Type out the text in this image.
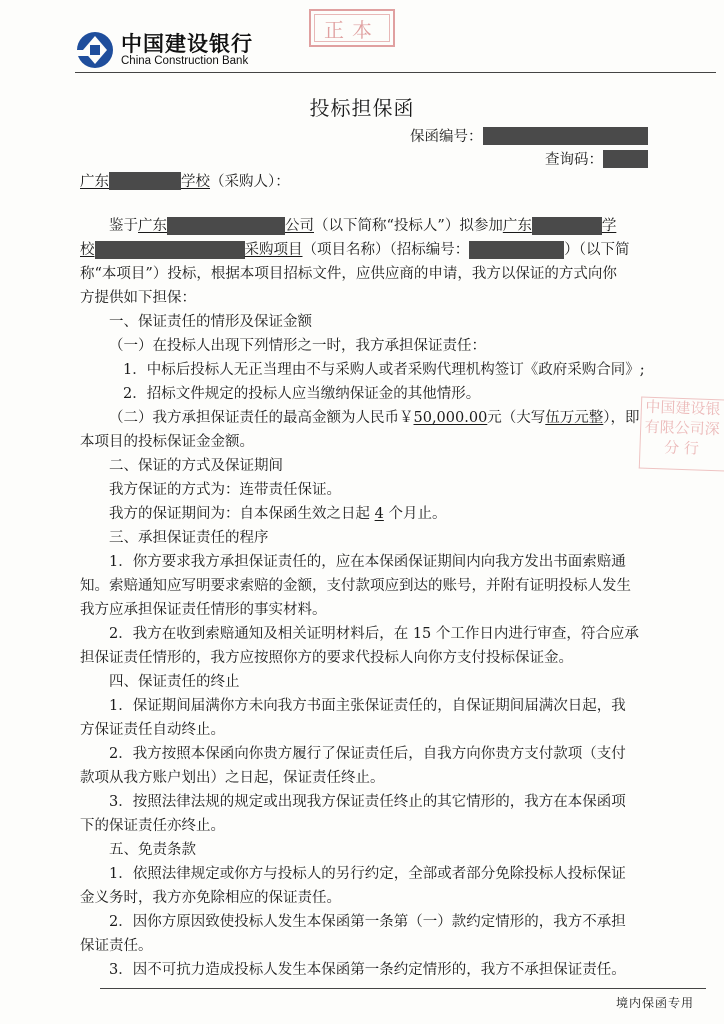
中国建设银行
China Construction Bank
正本
投标担保函
保函编号：
查询码：
广东	学校 （采购人）：
鉴于广东	公司（以下简称“投标人”）拟参加广东	学
校	采购项目（项目名称）（招标编号：	）（以下简
称“本项目”）投标，根据本项目招标文件，应供应商的申请，我方以保证的方式向你
方提供如下担保：
一、保证责任的情形及保证金额
（一）在投标人出现下列情形之一时，我方承担保证责任：
1．中标后投标人无正当理由不与采购人或者采购代理机构签订《政府采购合同》;
2．招标文件规定的投标人应当缴纳保证金的其他情形。
（二）我方承担保证责任的最高金额为人民币￥50,000.00元（大写伍万元整），即
本项目的投标保证金金额。
二、保证的方式及保证期间
我方保证的方式为：连带责任保证。
我方的保证期间为：自本保函生效之日起 4 个月止。
三、承担保证责任的程序
1．你方要求我方承担保证责任的，应在本保函保证期间内向我方发出书面索赔通
知。索赔通知应写明要求索赔的金额，支付款项应到达的账号，并附有证明投标人发生
我方应承担保证责任情形的事实材料。
2．我方在收到索赔通知及相关证明材料后，在 15 个工作日内进行审查，符合应承
担保证责任情形的，我方应按照你方的要求代投标人向你方支付投标保证金。
四、保证责任的终止
1．保证期间届满你方未向我方书面主张保证责任的，自保证期间届满次日起，我
方保证责任自动终止。
2．我方按照本保函向你贵方履行了保证责任后，自我方向你贵方支付款项（支付
款项从我方账户划出）之日起，保证责任终止。
3．按照法律法规的规定或出现我方保证责任终止的其它情形的，我方在本保函项
下的保证责任亦终止。
五、免责条款
1．依照法律规定或你方与投标人的另行约定，全部或者部分免除投标人投标保证
金义务时，我方亦免除相应的保证责任。
2．因你方原因致使投标人发生本保函第一条第（一）款约定情形的，我方不承担
保证责任。
3．因不可抗力造成投标人发生本保函第一条约定情形的，我方不承担保证责任。
中国建设银
有限公司深
分 行
境内保函专用
